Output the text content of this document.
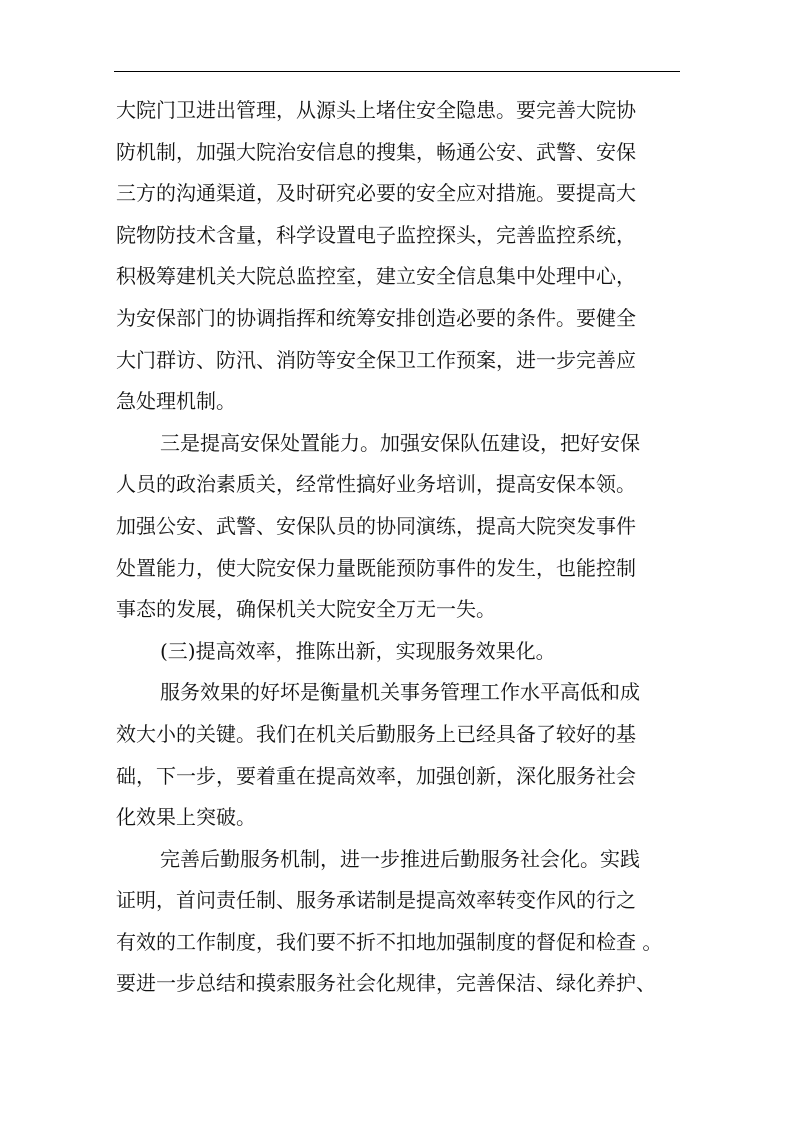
大院门卫进出管理，从源头上堵住安全隐患。要完善大院协
防机制，加强大院治安信息的搜集，畅通公安、武警、安保
三方的沟通渠道，及时研究必要的安全应对措施。要提高大
院物防技术含量，科学设置电子监控探头，完善监控系统，
积极筹建机关大院总监控室，建立安全信息集中处理中心，
为安保部门的协调指挥和统筹安排创造必要的条件。要健全
大门群访、防汛、消防等安全保卫工作预案，进一步完善应
急处理机制。
三是提高安保处置能力。加强安保队伍建设，把好安保
人员的政治素质关，经常性搞好业务培训，提高安保本领。
加强公安、武警、安保队员的协同演练，提高大院突发事件
处置能力，使大院安保力量既能预防事件的发生，也能控制
事态的发展，确保机关大院安全万无一失。
(三)提高效率，推陈出新，实现服务效果化。
服务效果的好坏是衡量机关事务管理工作水平高低和成
效大小的关键。我们在机关后勤服务上已经具备了较好的基
础，下一步，要着重在提高效率，加强创新，深化服务社会
化效果上突破。
完善后勤服务机制，进一步推进后勤服务社会化。实践
证明，首问责任制、服务承诺制是提高效率转变作风的行之
有效的工作制度，我们要不折不扣地加强制度的督促和检查 。
要进一步总结和摸索服务社会化规律，完善保洁、绿化养护、
